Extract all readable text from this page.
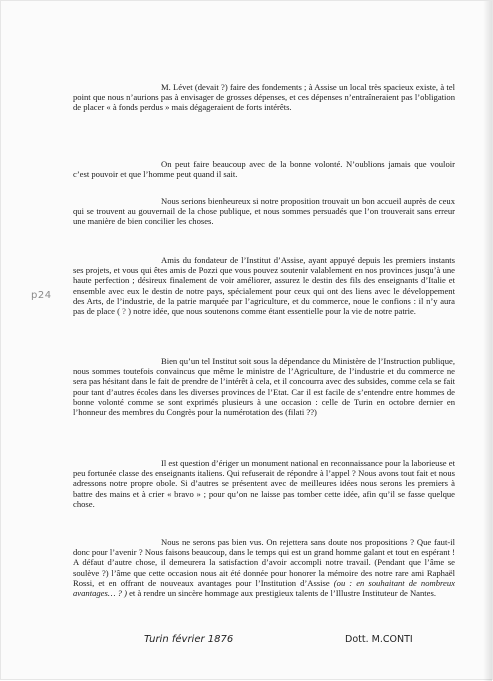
M. Lévet (devait ?) faire des fondements ; à Assise un local très spacieux existe, à tel point que nous n’aurions pas à envisager de grosses dépenses, et ces dépenses n’entraîneraient pas l’obligation de placer « à fonds perdus » mais dégageraient de forts intérêts.

On peut faire beaucoup avec de la bonne volonté. N’oublions jamais que vouloir c’est pouvoir et que l’homme peut quand il sait.

Nous serions bienheureux si notre proposition trouvait un bon accueil auprès de ceux qui se trouvent au gouvernail de la chose publique, et nous sommes persuadés que l’on trouverait sans erreur une manière de bien concilier les choses.

Amis du fondateur de l’Institut d’Assise, ayant appuyé depuis les premiers instants ses projets, et vous qui êtes amis de Pozzi que vous pouvez soutenir valablement en nos provinces jusqu’à une haute perfection ; désireux finalement de voir améliorer, assurez le destin des fils des enseignants d’Italie et ensemble avec eux le destin de notre pays, spécialement pour ceux qui ont des liens avec le développement des Arts, de l’industrie, de la patrie marquée par l’agriculture, et du commerce, noue le confions : il n’y aura pas de place ( ? ) notre idée, que nous soutenons comme étant essentielle pour la vie de notre patrie.

Bien qu’un tel Institut soit sous la dépendance du Ministère de l’Instruction publique, nous sommes toutefois convaincus que même le ministre de l’Agriculture, de l’industrie et du commerce ne sera pas hésitant dans le fait de prendre de l’intérêt à cela, et il concourra avec des subsides, comme cela se fait pour tant d’autres écoles dans les diverses provinces de l’Etat. Car il est facile de s’entendre entre hommes de bonne volonté comme se sont exprimés plusieurs à une occasion : celle de Turin en octobre dernier en l’honneur des membres du Congrès pour la numérotation des (filati ??)

Il est question d’ériger un monument national en reconnaissance pour la laborieuse et peu fortunée classe des enseignants italiens. Qui refuserait de répondre à l’appel ? Nous avons tout fait et nous adressons notre propre obole. Si d’autres se présentent avec de meilleures idées nous serons les premiers à battre des mains et à crier « bravo » ; pour qu’on ne laisse pas tomber cette idée, afin qu’il se fasse quelque chose.

Nous ne serons pas bien vus. On rejettera sans doute nos propositions ? Que faut-il donc pour l’avenir ? Nous faisons beaucoup, dans le temps qui est un grand homme galant et tout en espérant ! A défaut d’autre chose, il demeurera la satisfaction d’avoir accompli notre travail. (Pendant que l’âme se soulève ?) l’âme que cette occasion nous ait été donnée pour honorer la mémoire des notre rare ami Raphaël Rossi, et en offrant de nouveaux avantages pour l’Institution d’Assise (ou : en souhaitant de nombreux avantages… ? ) et à rendre un sincère hommage aux prestigieux talents de l’Illustre Instituteur de Nantes.

p24
Turin février 1876	Dott. M.CONTI
